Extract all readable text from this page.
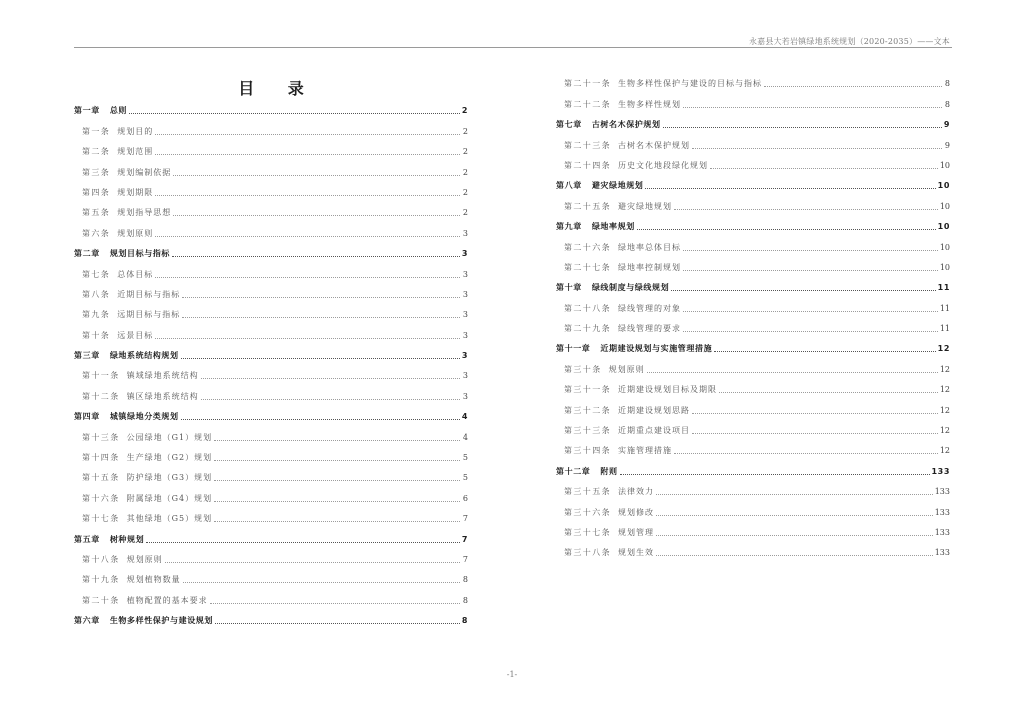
永嘉县大若岩镇绿地系统规划（2020-2035）——文本
目 录
第一章 总则	2
第一条 规划目的	2
第二条 规划范围	2
第三条 规划编制依据	2
第四条 规划期限	2
第五条 规划指导思想	2
第六条 规划原则	3
第二章 规划目标与指标	3
第七条 总体目标	3
第八条 近期目标与指标	3
第九条 远期目标与指标	3
第十条 远景目标	3
第三章 绿地系统结构规划	3
第十一条 镇域绿地系统结构	3
第十二条 镇区绿地系统结构	3
第四章 城镇绿地分类规划	4
第十三条 公园绿地（G1）规划	4
第十四条 生产绿地（G2）规划	5
第十五条 防护绿地（G3）规划	5
第十六条 附属绿地（G4）规划	6
第十七条 其他绿地（G5）规划	7
第五章 树种规划	7
第十八条 规划原则	7
第十九条 规划植物数量	8
第二十条 植物配置的基本要求	8
第六章 生物多样性保护与建设规划	8
第二十一条 生物多样性保护与建设的目标与指标	8
第二十二条 生物多样性规划	8
第七章 古树名木保护规划	9
第二十三条 古树名木保护规划	9
第二十四条 历史文化地段绿化规划	10
第八章 避灾绿地规划	10
第二十五条 避灾绿地规划	10
第九章 绿地率规划	10
第二十六条 绿地率总体目标	10
第二十七条 绿地率控制规划	10
第十章 绿线制度与绿线规划	11
第二十八条 绿线管理的对象	11
第二十九条 绿线管理的要求	11
第十一章 近期建设规划与实施管理措施	12
第三十条 规划原则	12
第三十一条 近期建设规划目标及期限	12
第三十二条 近期建设规划思路	12
第三十三条 近期重点建设项目	12
第三十四条 实施管理措施	12
第十二章 附则	133
第三十五条 法律效力	133
第三十六条 规划修改	133
第三十七条 规划管理	133
第三十八条 规划生效	133
-1-
